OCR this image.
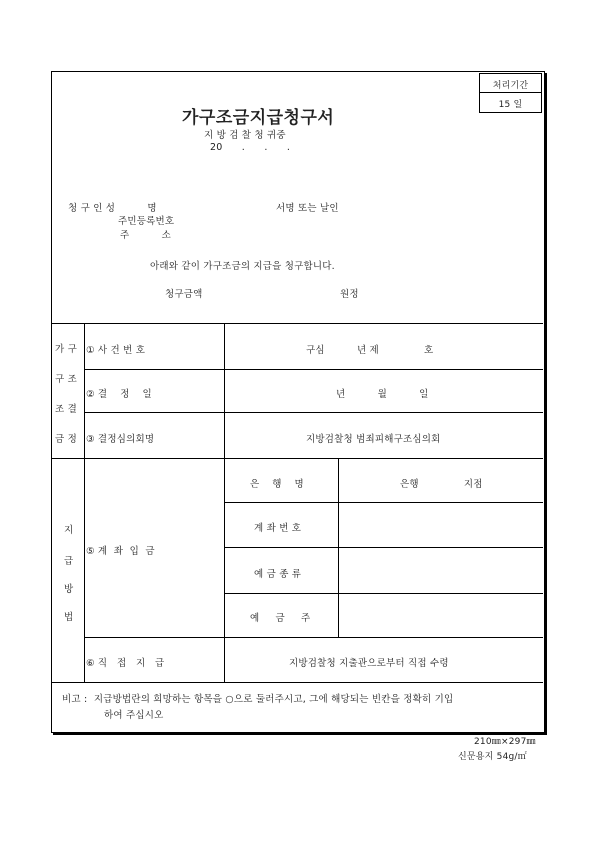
처리기간
15 일
가구조금지급청구서
지 방 검 찰 청 귀중
20      .      .      .
청 구 인 성          명	서명 또는 날인
주민등록번호
주          소
아래와 같이 가구조금의 지급을 청구합니다.
청구금액	원정
가 구
구 조
조 결
금 정
① 사 건 번 호	구심          년 제              호
② 결    정    일	년          월          일
③ 결정심의회명	지방검찰청 범죄피해구조심의회
지
급
방
법
⑤ 계  좌  입  금
은    행    명	은행              지점
계 좌 번 호
예 금 종 류
예     금     주
⑥ 직   접   지   급	지방검찰청 지출관으로부터 직접 수령
비고 :  지급방법란의 희망하는 항목을 ○으로 둘러주시고, 그에 해당되는 빈칸을 정확히 기입
하여 주십시오
210㎜×297㎜
신문용지 54g/㎡
